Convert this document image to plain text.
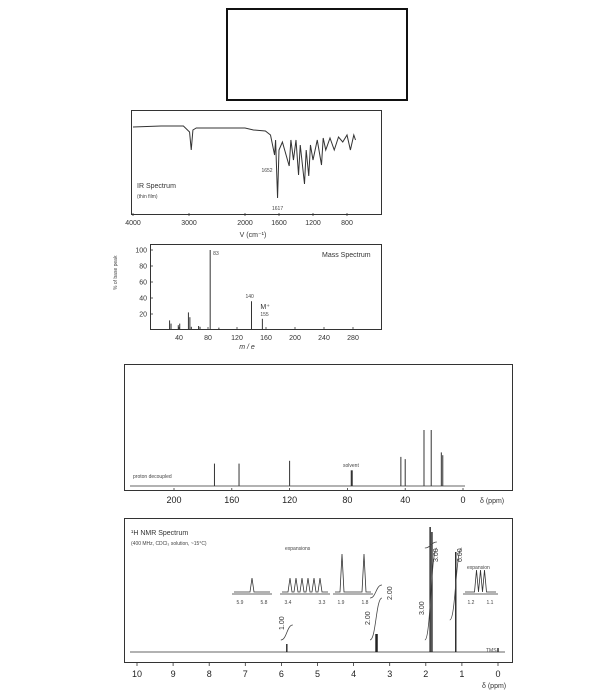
4000	3000	2000	1600	1200	800
1652
1617
100
80
60
40
20
40	80	120 160 200 240 280
83
140
M⁺
155
200	160	120	80	40	0
10	9	8	7	6	5	4	3	2	1	0
1.00	2.00
2.00
3.00
3.00 6.00
5.9	5.8	3.4	3.3 1.9	1.8	1.2 1.1
IR Spectrum
(thin film)
V (cm⁻¹)
Mass Spectrum
% of base peak
m / e
proton decoupled
solvent
δ (ppm)
¹H NMR Spectrum
(400 MHz, CDCl₃ solution, ~15°C)
expansions
expansion
TMS
δ (ppm)
